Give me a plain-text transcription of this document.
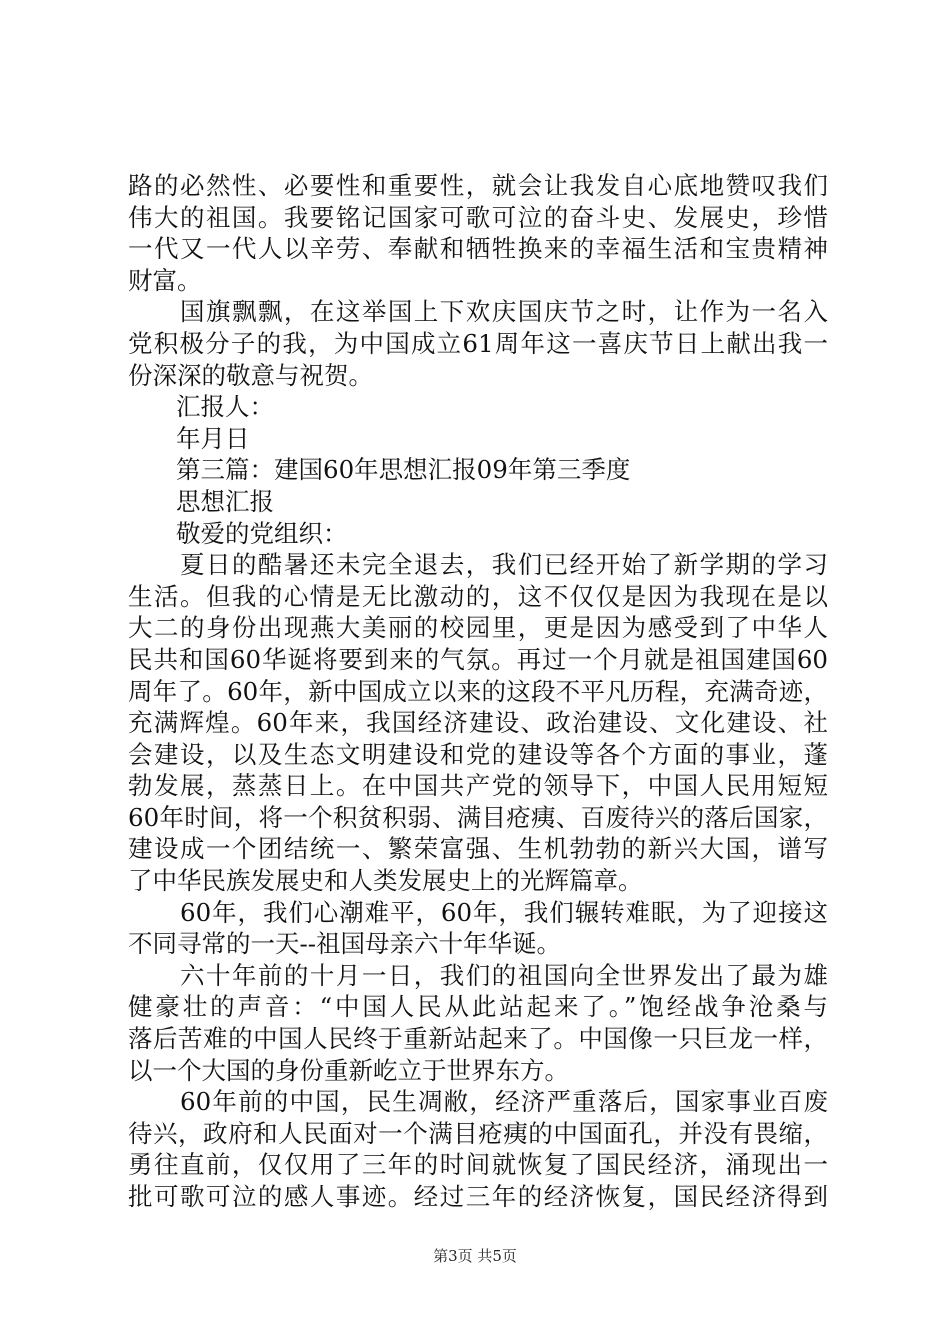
路的必然性、必要性和重要性，就会让我发自心底地赞叹我们
伟大的祖国。我要铭记国家可歌可泣的奋斗史、发展史，珍惜
一代又一代人以辛劳、奉献和牺牲换来的幸福生活和宝贵精神
财富。
国旗飘飘，在这举国上下欢庆国庆节之时，让作为一名入
党积极分子的我，为中国成立61周年这一喜庆节日上献出我一
份深深的敬意与祝贺。
汇报人：
年月日
第三篇：建国60年思想汇报09年第三季度
思想汇报
敬爱的党组织：
夏日的酷暑还未完全退去，我们已经开始了新学期的学习
生活。但我的心情是无比激动的，这不仅仅是因为我现在是以
大二的身份出现燕大美丽的校园里，更是因为感受到了中华人
民共和国60华诞将要到来的气氛。再过一个月就是祖国建国60
周年了。60年，新中国成立以来的这段不平凡历程，充满奇迹，
充满辉煌。60年来，我国经济建设、政治建设、文化建设、社
会建设，以及生态文明建设和党的建设等各个方面的事业，蓬
勃发展，蒸蒸日上。在中国共产党的领导下，中国人民用短短
60年时间，将一个积贫积弱、满目疮痍、百废待兴的落后国家，
建设成一个团结统一、繁荣富强、生机勃勃的新兴大国，谱写
了中华民族发展史和人类发展史上的光辉篇章。
60年，我们心潮难平，60年，我们辗转难眠，为了迎接这
不同寻常的一天--祖国母亲六十年华诞。
六十年前的十月一日，我们的祖国向全世界发出了最为雄
健豪壮的声音：“中国人民从此站起来了。”饱经战争沧桑与
落后苦难的中国人民终于重新站起来了。中国像一只巨龙一样，
以一个大国的身份重新屹立于世界东方。
60年前的中国，民生凋敝，经济严重落后，国家事业百废
待兴，政府和人民面对一个满目疮痍的中国面孔，并没有畏缩，
勇往直前，仅仅用了三年的时间就恢复了国民经济，涌现出一
批可歌可泣的感人事迹。经过三年的经济恢复，国民经济得到
第3页 共5页
